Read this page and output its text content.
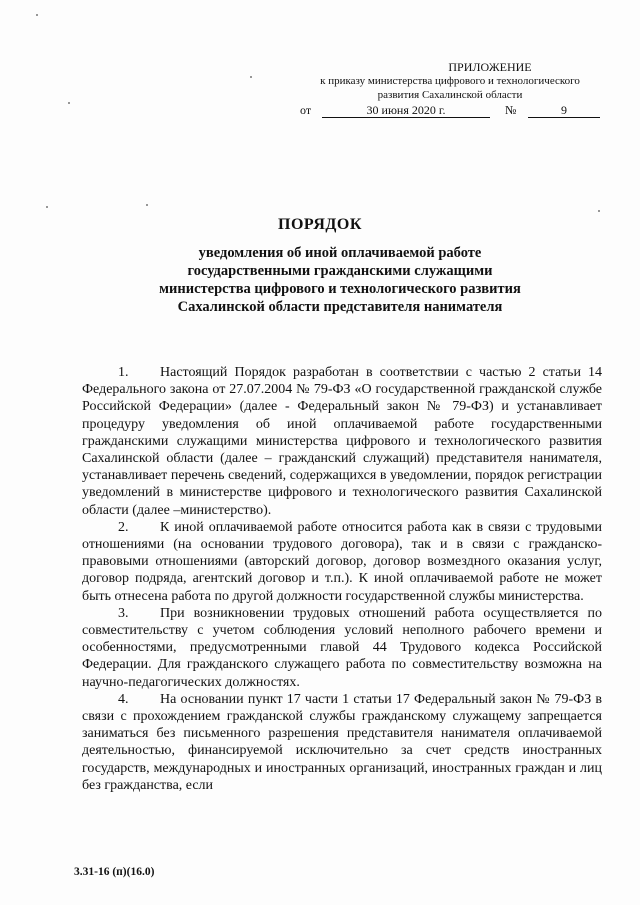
ПРИЛОЖЕНИЕ
к приказу министерства цифрового и технологического
развития Сахалинской области
от	30 июня 2020 г.	№	9
ПОРЯДОК
уведомления об иной оплачиваемой работе государственными гражданскими служащими министерства цифрового и технологического развития Сахалинской области представителя нанимателя

1. Настоящий Порядок разработан в соответствии с частью 2 статьи 14 Федерального закона от 27.07.2004 № 79-ФЗ «О государственной гражданской службе Российской Федерации» (далее - Федеральный закон № 79-ФЗ) и устанавливает процедуру уведомления об иной оплачиваемой работе государственными гражданскими служащими министерства цифрового и технологического развития Сахалинской области (далее – гражданский служащий) представителя нанимателя, устанавливает перечень сведений, содержащихся в уведомлении, порядок регистрации уведомлений в министерстве цифрового и технологического развития Сахалинской области (далее –министерство).

2. К иной оплачиваемой работе относится работа как в связи с трудовыми отношениями (на основании трудового договора), так и в связи с гражданско-правовыми отношениями (авторский договор, договор возмездного оказания услуг, договор подряда, агентский договор и т.п.). К иной оплачиваемой работе не может быть отнесена работа по другой должности государственной службы министерства.

3. При возникновении трудовых отношений работа осуществляется по совместительству с учетом соблюдения условий неполного рабочего времени и особенностями, предусмотренными главой 44 Трудового кодекса Российской Федерации. Для гражданского служащего работа по совместительству возможна на научно-педагогических должностях.

4. На основании пункт 17 части 1 статьи 17 Федеральный закон № 79-ФЗ в связи с прохождением гражданской службы гражданскому служащему запрещается заниматься без письменного разрешения представителя нанимателя оплачиваемой деятельностью, финансируемой исключительно за счет средств иностранных государств, международных и иностранных организаций, иностранных граждан и лиц без гражданства, если

3.31-16 (п)(16.0)
